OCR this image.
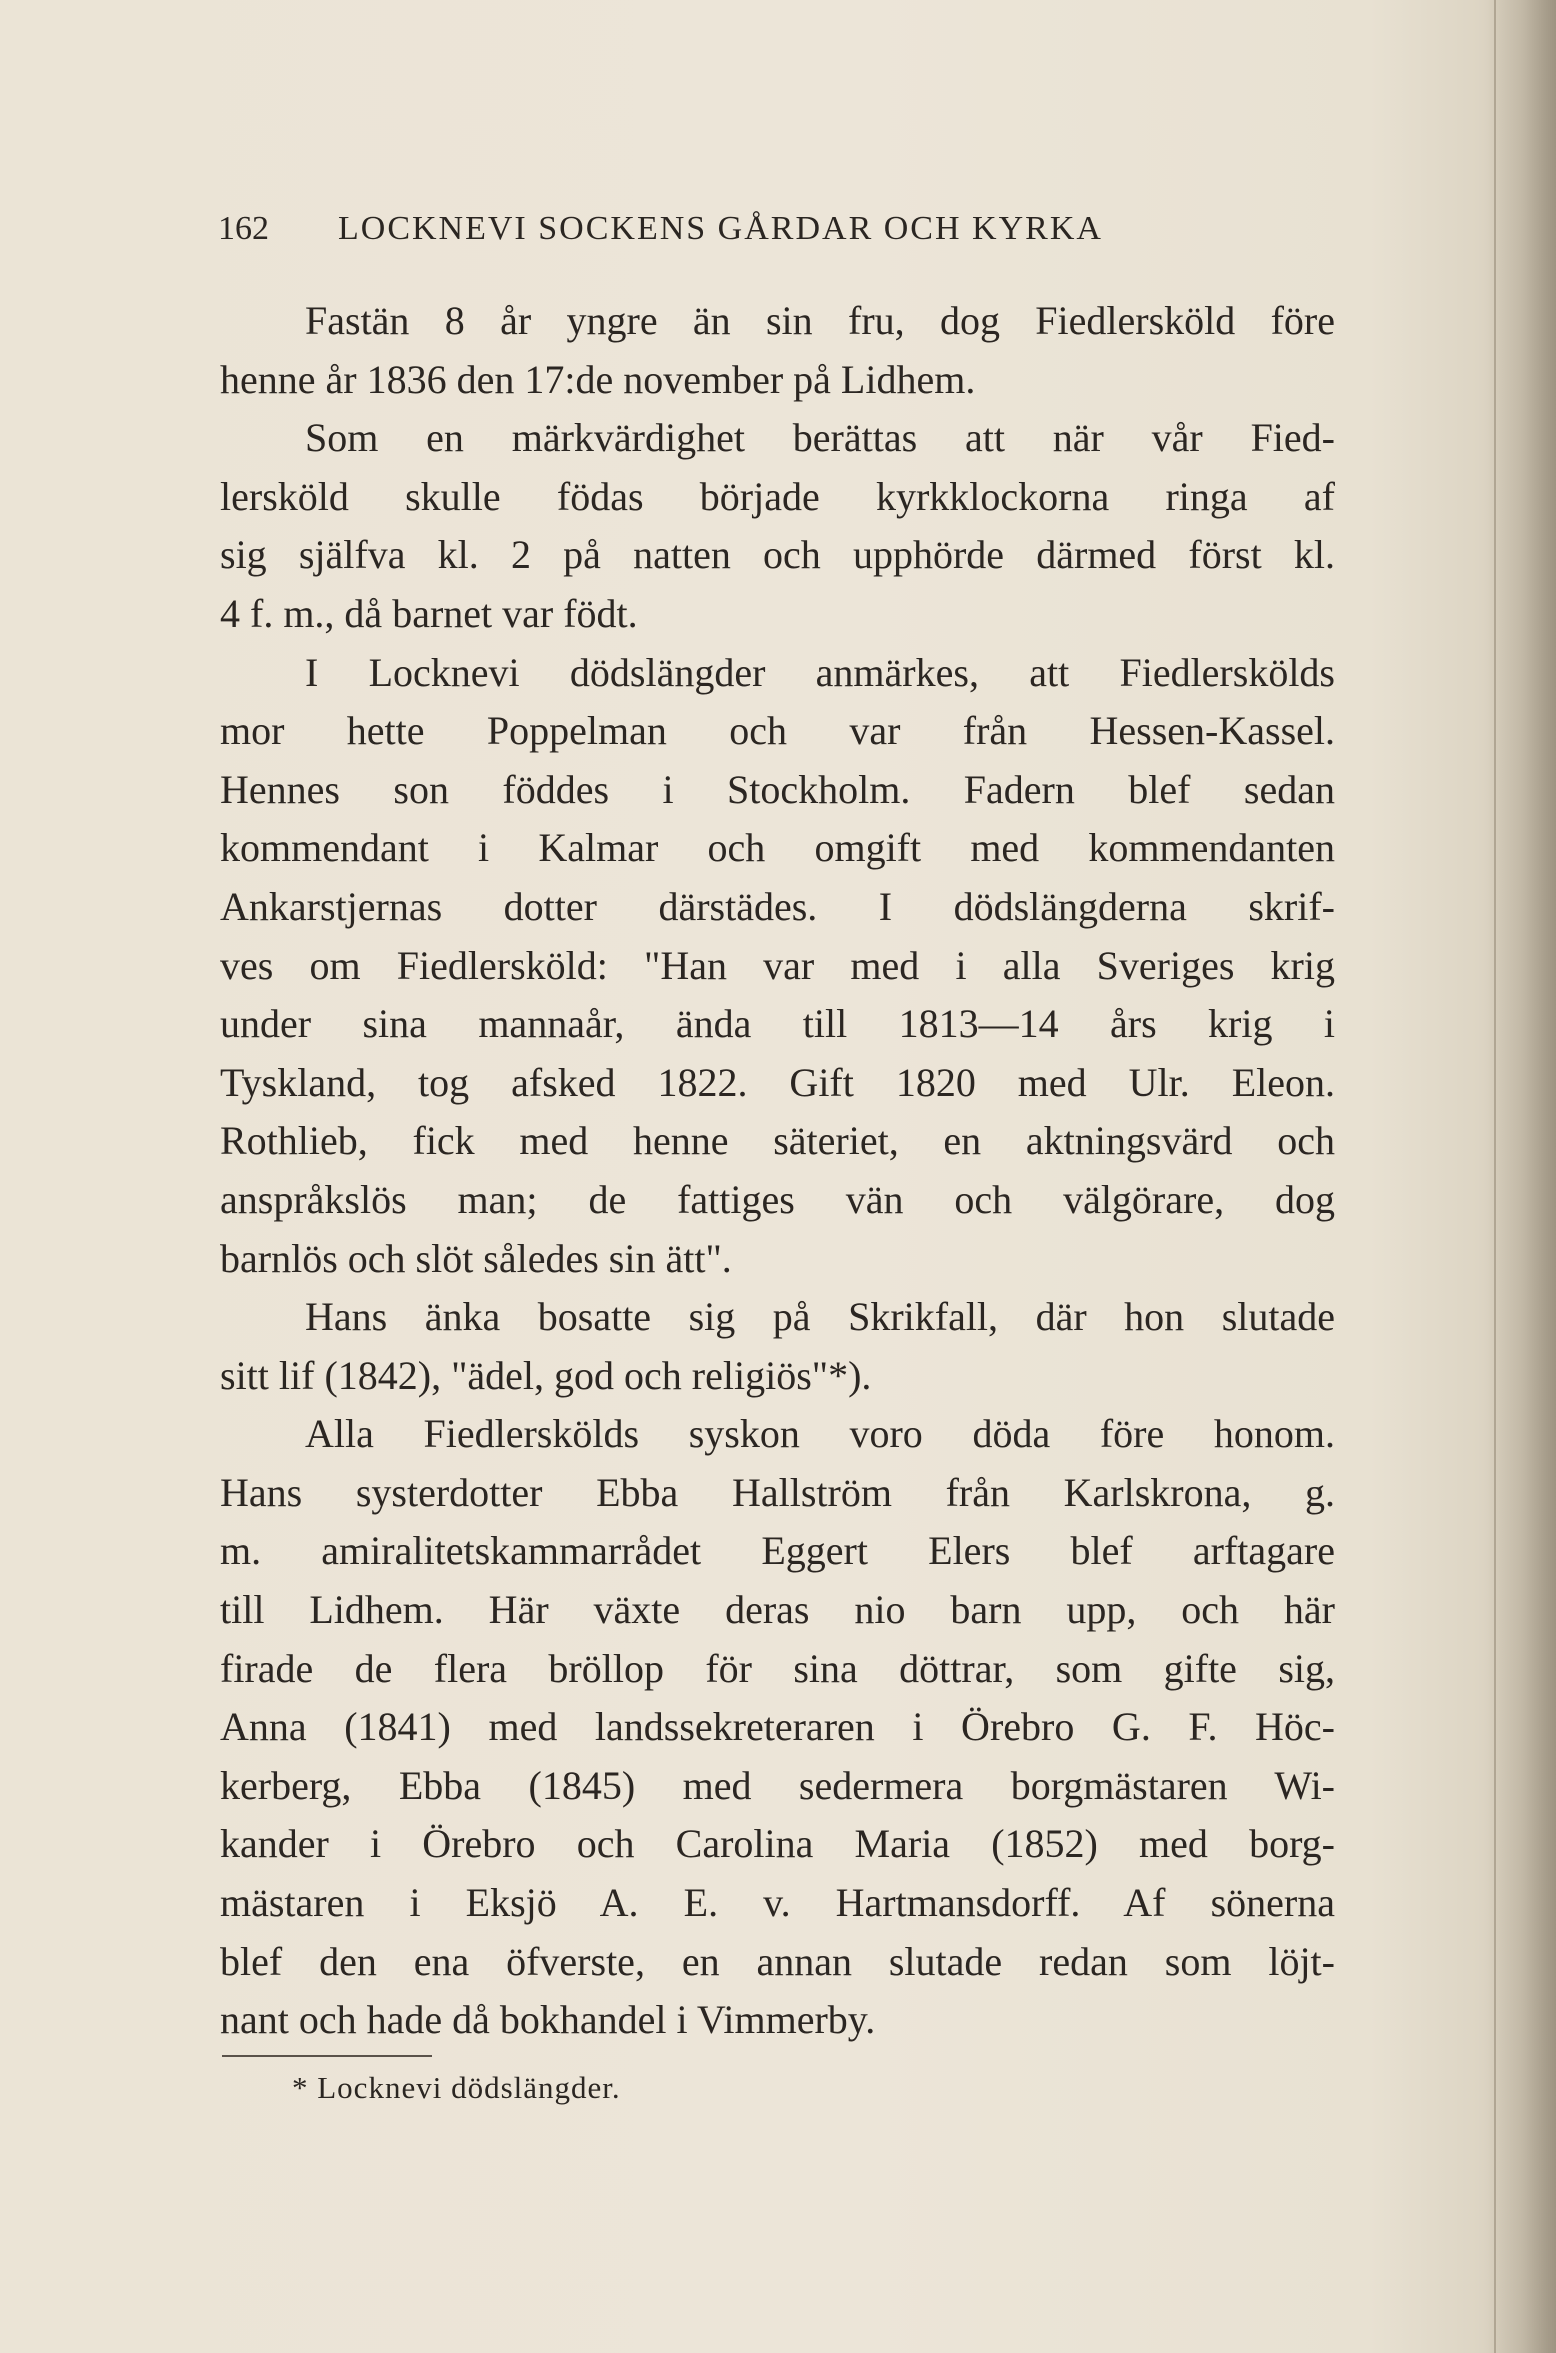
162 LOCKNEVI SOCKENS GÅRDAR OCH KYRKA
Fastän 8 år yngre än sin fru, dog Fiedlersköld före
henne år 1836 den 17:de november på Lidhem.
Som en märkvärdighet berättas att när vår Fied-
lersköld skulle födas började kyrkklockorna ringa af
sig själfva kl. 2 på natten och upphörde därmed först kl.
4 f. m., då barnet var födt.
I Locknevi dödslängder anmärkes, att Fiedlerskölds
mor hette Poppelman och var från Hessen-Kassel.
Hennes son föddes i Stockholm. Fadern blef sedan
kommendant i Kalmar och omgift med kommendanten
Ankarstjernas dotter därstädes. I dödslängderna skrif-
ves om Fiedlersköld: "Han var med i alla Sveriges krig
under sina mannaår, ända till 1813—14 års krig i
Tyskland, tog afsked 1822. Gift 1820 med Ulr. Eleon.
Rothlieb, fick med henne säteriet, en aktningsvärd och
anspråkslös man; de fattiges vän och välgörare, dog
barnlös och slöt således sin ätt".
Hans änka bosatte sig på Skrikfall, där hon slutade
sitt lif (1842), "ädel, god och religiös"*).
Alla Fiedlerskölds syskon voro döda före honom.
Hans systerdotter Ebba Hallström från Karlskrona, g.
m. amiralitetskammarrådet Eggert Elers blef arftagare
till Lidhem. Här växte deras nio barn upp, och här
firade de flera bröllop för sina döttrar, som gifte sig,
Anna (1841) med landssekreteraren i Örebro G. F. Höc-
kerberg, Ebba (1845) med sedermera borgmästaren Wi-
kander i Örebro och Carolina Maria (1852) med borg-
mästaren i Eksjö A. E. v. Hartmansdorff. Af sönerna
blef den ena öfverste, en annan slutade redan som löjt-
nant och hade då bokhandel i Vimmerby.
* Locknevi dödslängder.
